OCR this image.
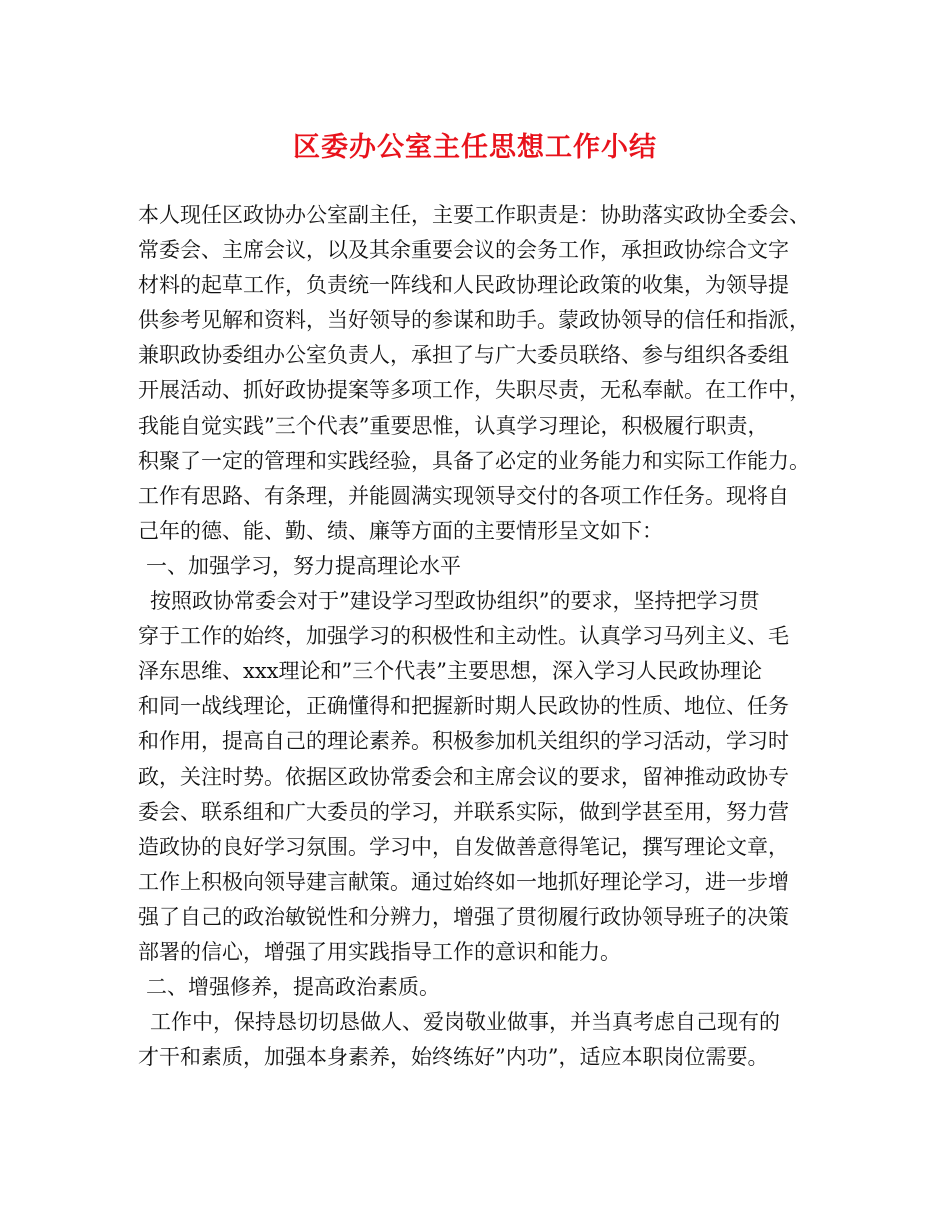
区委办公室主任思想工作小结
本人现任区政协办公室副主任，主要工作职责是：协助落实政协全委会、
常委会、主席会议，以及其余重要会议的会务工作，承担政协综合文字
材料的起草工作，负责统一阵线和人民政协理论政策的收集，为领导提
供参考见解和资料，当好领导的参谋和助手。蒙政协领导的信任和指派，
兼职政协委组办公室负责人，承担了与广大委员联络、参与组织各委组
开展活动、抓好政协提案等多项工作，失职尽责，无私奉献。在工作中，
我能自觉实践”三个代表”重要思惟，认真学习理论，积极履行职责，
积聚了一定的管理和实践经验，具备了必定的业务能力和实际工作能力。
工作有思路、有条理，并能圆满实现领导交付的各项工作任务。现将自
己年的德、能、勤、绩、廉等方面的主要情形呈文如下：
一、加强学习，努力提高理论水平
按照政协常委会对于”建设学习型政协组织”的要求，坚持把学习贯
穿于工作的始终，加强学习的积极性和主动性。认真学习马列主义、毛
泽东思维、xxx理论和”三个代表”主要思想，深入学习人民政协理论
和同一战线理论，正确懂得和把握新时期人民政协的性质、地位、任务
和作用，提高自己的理论素养。积极参加机关组织的学习活动，学习时
政，关注时势。依据区政协常委会和主席会议的要求，留神推动政协专
委会、联系组和广大委员的学习，并联系实际，做到学甚至用，努力营
造政协的良好学习氛围。学习中，自发做善意得笔记，撰写理论文章，
工作上积极向领导建言献策。通过始终如一地抓好理论学习，进一步增
强了自己的政治敏锐性和分辨力，增强了贯彻履行政协领导班子的决策
部署的信心，增强了用实践指导工作的意识和能力。
二、增强修养，提高政治素质。
工作中，保持恳切切恳做人、爱岗敬业做事，并当真考虑自己现有的
才干和素质，加强本身素养，始终练好”内功”，适应本职岗位需要。
